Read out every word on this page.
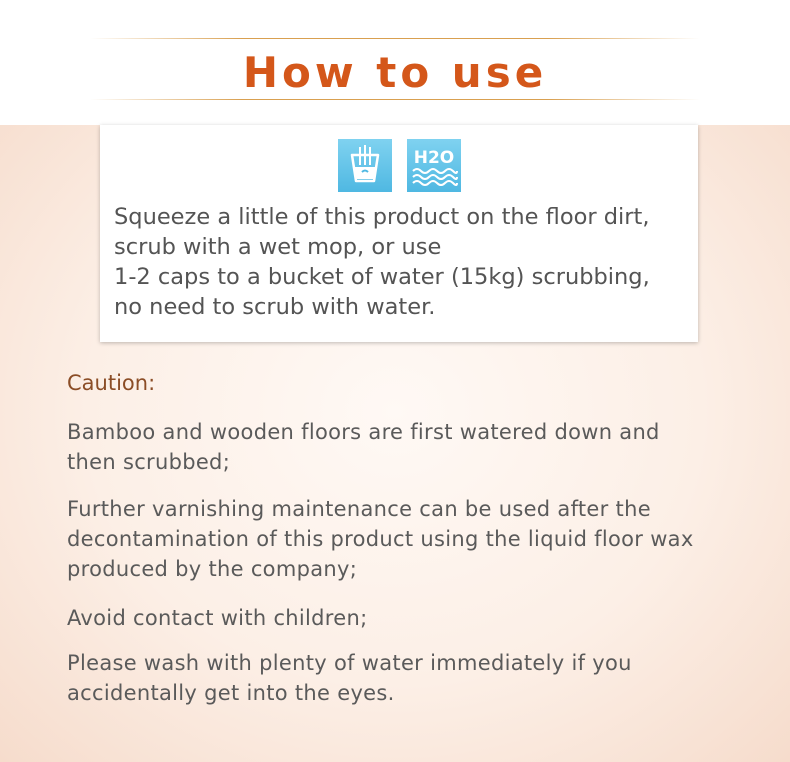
How to use
H2O

Squeeze a little of this product on the floor dirt,

scrub with a wet mop, or use

1-2 caps to a bucket of water (15kg) scrubbing,

no need to scrub with water.

Caution:
Bamboo and wooden floors are first watered down and then scrubbed;
Further varnishing maintenance can be used after the decontamination of this product using the liquid floor wax produced by the company;
Avoid contact with children;
Please wash with plenty of water immediately if you accidentally get into the eyes.
